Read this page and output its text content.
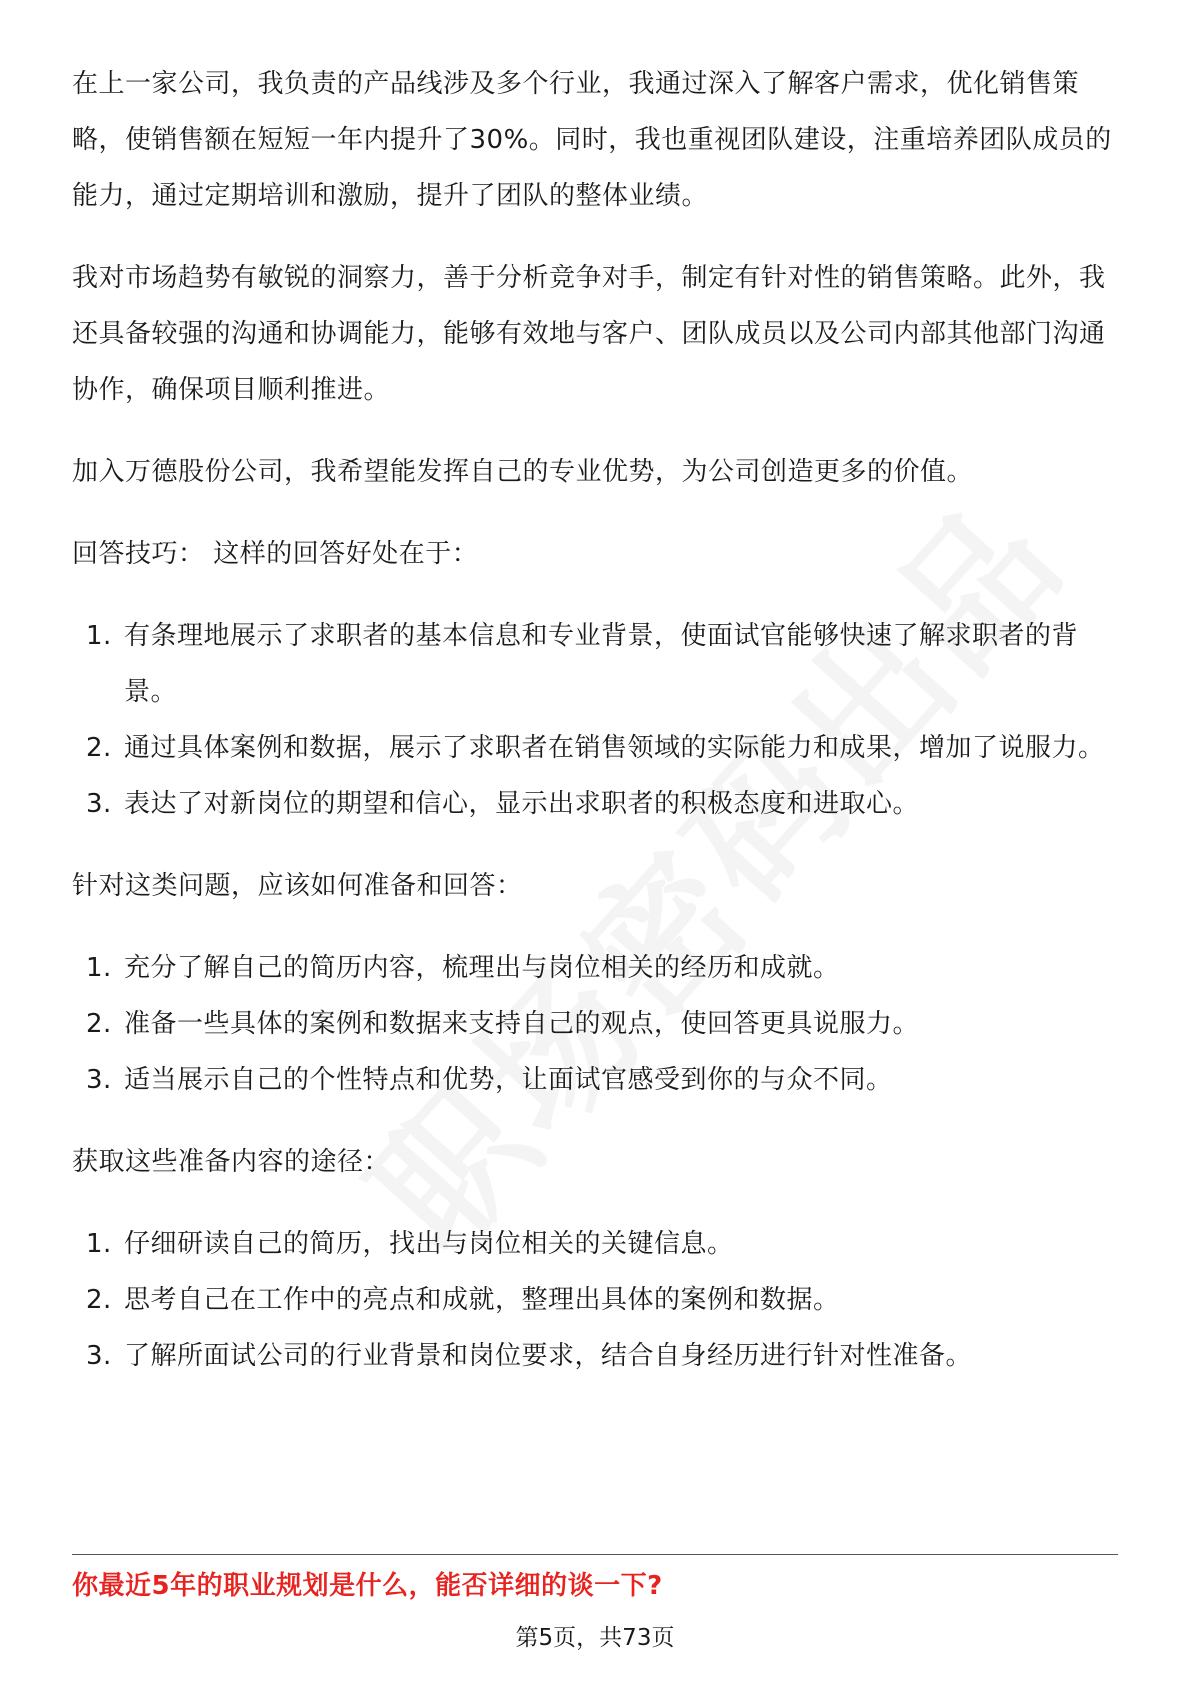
在上一家公司，我负责的产品线涉及多个行业，我通过深入了解客户需求，优化销售策略，使销售额在短短一年内提升了30%。同时，我也重视团队建设，注重培养团队成员的能力，通过定期培训和激励，提升了团队的整体业绩。

我对市场趋势有敏锐的洞察力，善于分析竞争对手，制定有针对性的销售策略。此外，我还具备较强的沟通和协调能力，能够有效地与客户、团队成员以及公司内部其他部门沟通协作，确保项目顺利推进。

加入万德股份公司，我希望能发挥自己的专业优势，为公司创造更多的价值。

回答技巧： 这样的回答好处在于：

1. 有条理地展示了求职者的基本信息和专业背景，使面试官能够快速了解求职者的背景。
2. 通过具体案例和数据，展示了求职者在销售领域的实际能力和成果，增加了说服力。
3. 表达了对新岗位的期望和信心，显示出求职者的积极态度和进取心。

针对这类问题，应该如何准备和回答：

1. 充分了解自己的简历内容，梳理出与岗位相关的经历和成就。
2. 准备一些具体的案例和数据来支持自己的观点，使回答更具说服力。
3. 适当展示自己的个性特点和优势，让面试官感受到你的与众不同。

获取这些准备内容的途径：

1. 仔细研读自己的简历，找出与岗位相关的关键信息。
2. 思考自己在工作中的亮点和成就，整理出具体的案例和数据。
3. 了解所面试公司的行业背景和岗位要求，结合自身经历进行针对性准备。
你最近5年的职业规划是什么，能否详细的谈一下?
第5页，共73页
